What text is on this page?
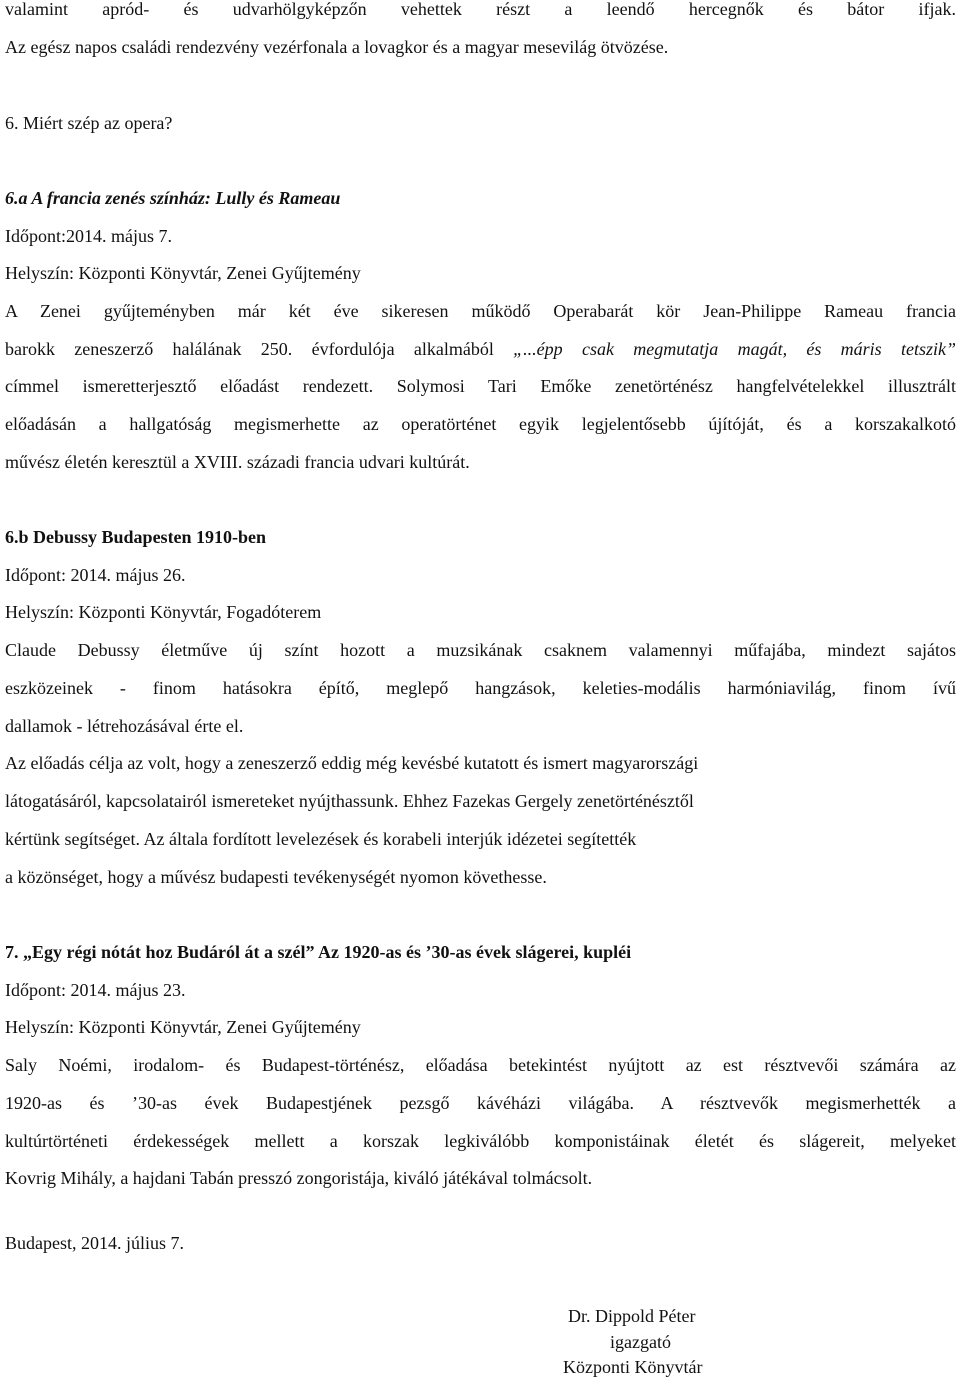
valamint apród- és udvarhölgyképzőn vehettek részt a leendő hercegnők és bátor ifjak.

Az egész napos családi rendezvény vezérfonala a lovagkor és a magyar mesevilág ötvözése.

6. Miért szép az opera?

6.a A francia zenés színház: Lully és Rameau

Időpont:2014. május 7.

Helyszín: Központi Könyvtár, Zenei Gyűjtemény

A Zenei gyűjteményben már két éve sikeresen működő Operabarát kör Jean-Philippe Rameau francia

barokk zeneszerző halálának 250. évfordulója alkalmából „...épp csak megmutatja magát, és máris tetszik”

címmel ismeretterjesztő előadást rendezett. Solymosi Tari Emőke zenetörténész hangfelvételekkel illusztrált

előadásán a hallgatóság megismerhette az operatörténet egyik legjelentősebb újítóját, és a korszakalkotó

művész életén keresztül a XVIII. századi francia udvari kultúrát.

6.b Debussy Budapesten 1910-ben

Időpont: 2014. május 26.

Helyszín: Központi Könyvtár, Fogadóterem

Claude Debussy életműve új színt hozott a muzsikának csaknem valamennyi műfajába, mindezt sajátos

eszközeinek - finom hatásokra építő, meglepő hangzások, keleties-modális harmóniavilág, finom ívű

dallamok - létrehozásával érte el.

Az előadás célja az volt, hogy a zeneszerző eddig még kevésbé kutatott és ismert magyarországi

látogatásáról, kapcsolatairól ismereteket nyújthassunk. Ehhez Fazekas Gergely zenetörténésztől

kértünk segítséget. Az általa fordított levelezések és korabeli interjúk idézetei segítették

a közönséget, hogy a művész budapesti tevékenységét nyomon követhesse.

7. „Egy régi nótát hoz Budáról át a szél” Az 1920-as és ’30-as évek slágerei, kupléi

Időpont: 2014. május 23.

Helyszín: Központi Könyvtár, Zenei Gyűjtemény

Saly Noémi, irodalom- és Budapest-történész, előadása betekintést nyújtott az est résztvevői számára az

1920-as és ’30-as évek Budapestjének pezsgő kávéházi világába. A résztvevők megismerhették a

kultúrtörténeti érdekességek mellett a korszak legkiválóbb komponistáinak életét és slágereit, melyeket

Kovrig Mihály, a hajdani Tabán presszó zongoristája, kiváló játékával tolmácsolt.

Budapest, 2014. július 7.

Dr. Dippold Péter
igazgató
Központi Könyvtár
